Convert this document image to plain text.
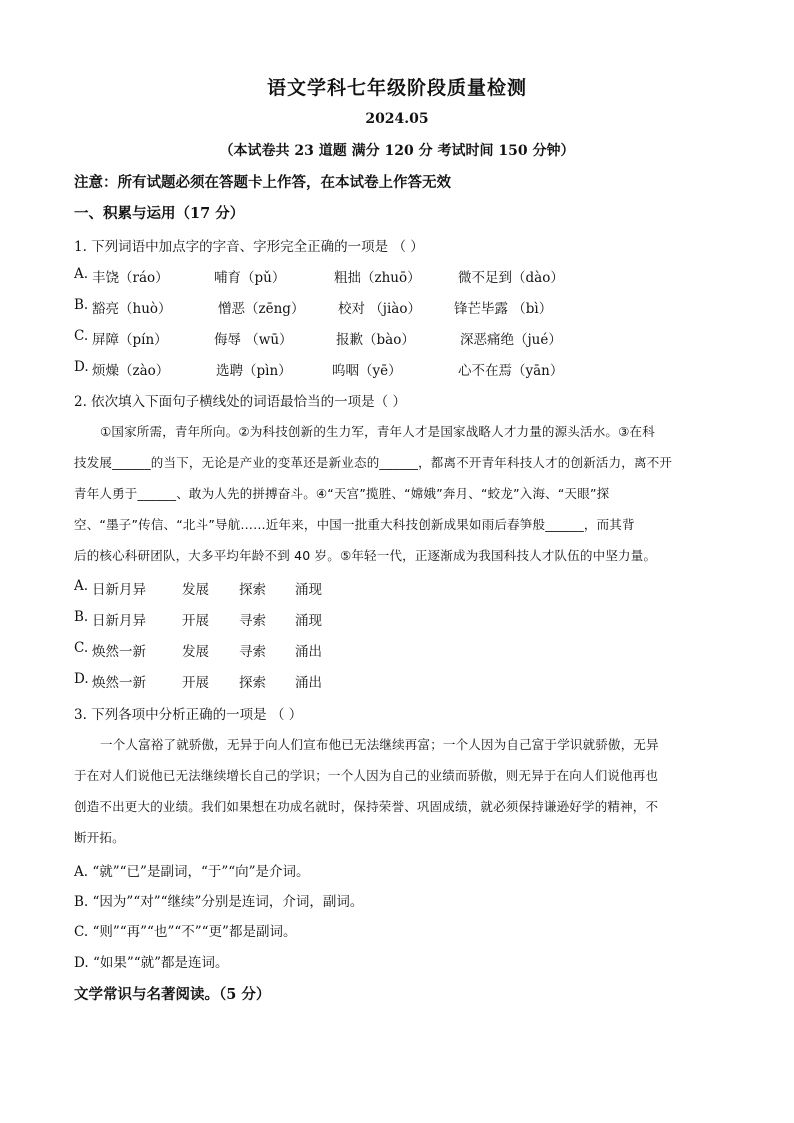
语文学科七年级阶段质量检测
2024.05
（本试卷共 23 道题 满分 120 分 考试时间 150 分钟）
注意：所有试题必须在答题卡上作答，在本试卷上作答无效
一、积累与运用（17 分）
1. 下列词语中加点字的字音、字形完全正确的一项是 （ ）
A. 丰饶（ráo）	哺育（pǔ）	粗拙（zhuō）	微不足到（dào）
B. 豁亮（huò）	憎恶（zēng） 校对 （jiào） 锋芒毕露 （bì）
C. 屏障（pín）	侮辱 （wū）	报歉（bào）	深恶痛绝（jué）
D. 烦燥（zào）	选聘（pìn）	呜咽（yē）	心不在焉（yān）
2. 依次填入下面句子横线处的词语最恰当的一项是（ ）
①国家所需，青年所向。②为科技创新的生力军，青年人才是国家战略人才力量的源头活水。③在科
技发展______的当下，无论是产业的变革还是新业态的______，都离不开青年科技人才的创新活力，离不开
青年人勇于______、敢为人先的拼搏奋斗。④“天宫”揽胜、“嫦娥”奔月、“蛟龙”入海、“天眼”探
空、“墨子”传信、“北斗”导航……近年来，中国一批重大科技创新成果如雨后春笋般______，而其背
后的核心科研团队，大多平均年龄不到 40 岁。⑤年轻一代，正逐渐成为我国科技人才队伍的中坚力量。
A. 日新月异	发展 探索 涌现
B. 日新月异	开展 寻索 涌现
C. 焕然一新	发展 寻索 涌出
D. 焕然一新	开展 探索 涌出
3. 下列各项中分析正确的一项是 （ ）
一个人富裕了就骄傲，无异于向人们宣布他已无法继续再富；一个人因为自己富于学识就骄傲，无异
于在对人们说他已无法继续增长自己的学识；一个人因为自己的业绩而骄傲，则无异于在向人们说他再也
创造不出更大的业绩。我们如果想在功成名就时，保持荣誉、巩固成绩，就必须保持谦逊好学的精神，不
断开拓。
A. “就”“已”是副词，“于”“向”是介词。
B. “因为”“对”“继续”分别是连词，介词，副词。
C. “则”“再”“也”“不”“更”都是副词。
D. “如果”“就”都是连词。
文学常识与名著阅读。（5 分）
